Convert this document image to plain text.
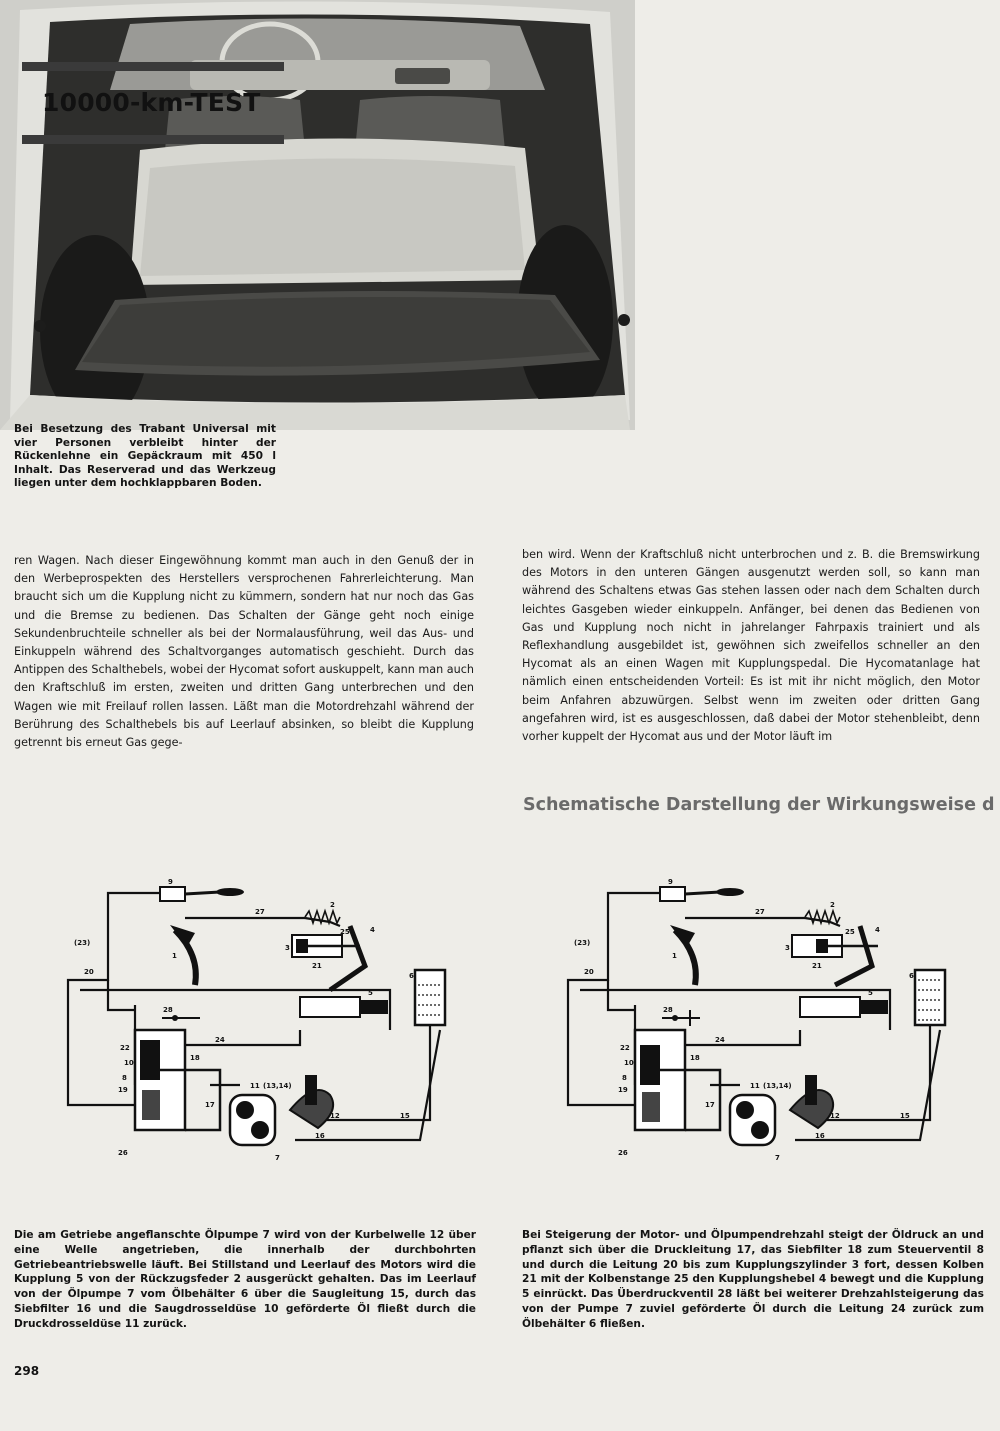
10000-km-TEST
Bei Besetzung des Trabant Universal mit vier Personen verbleibt hinter der Rückenlehne ein Gepäckraum mit 450 l Inhalt. Das Reserverad und das Werkzeug liegen unter dem hochklappbaren Boden.
ren Wagen. Nach dieser Eingewöhnung kommt man auch in den Genuß der in den Werbeprospekten des Herstellers versprochenen Fahrerleichterung. Man braucht sich um die Kupplung nicht zu kümmern, sondern hat nur noch das Gas und die Bremse zu bedienen. Das Schalten der Gänge geht noch einige Sekundenbruchteile schneller als bei der Normalausführung, weil das Aus- und Einkuppeln während des Schaltvorganges automatisch geschieht. Durch das Antippen des Schalthebels, wobei der Hycomat sofort auskuppelt, kann man auch den Kraftschluß im ersten, zweiten und dritten Gang unterbrechen und den Wagen wie mit Freilauf rollen lassen. Läßt man die Motordrehzahl während der Berührung des Schalthebels bis auf Leerlauf absinken, so bleibt die Kupplung getrennt bis erneut Gas gege-
ben wird. Wenn der Kraftschluß nicht unterbrochen und z. B. die Bremswirkung des Motors in den unteren Gängen ausgenutzt werden soll, so kann man während des Schaltens etwas Gas stehen lassen oder nach dem Schalten durch leichtes Gasgeben wieder einkuppeln. Anfänger, bei denen das Bedienen von Gas und Kupplung noch nicht in jahrelanger Fahrpaxis trainiert und als Reflexhandlung ausgebildet ist, gewöhnen sich zweifellos schneller an den Hycomat als an einen Wagen mit Kupplungspedal. Die Hycomatanlage hat nämlich einen entscheidenden Vorteil: Es ist mit ihr nicht möglich, den Motor beim Anfahren abzuwürgen. Selbst wenn im zweiten oder dritten Gang angefahren wird, ist es ausgeschlossen, daß dabei der Motor stehenbleibt, denn vorher kuppelt der Hycomat aus und der Motor läuft im
Schematische Darstellung der Wirkungsweise d
9
27
2
4
(23)
3
25
21
1
6
20
5
28
24
22
8
19
10
18
26
17
11 (13,14)
12	15
16
7
9
27
2
4
(23)
3
25
21
1
6
20
5
28
24
22
8
19
10
18
26
17
11 (13,14)
12	15
16
7
Die am Getriebe angeflanschte Ölpumpe 7 wird von der Kurbelwelle 12 über eine Welle angetrieben, die innerhalb der durchbohrten Getriebeantriebswelle läuft. Bei Stillstand und Leerlauf des Motors wird die Kupplung 5 von der Rückzugsfeder 2 ausgerückt gehalten. Das im Leerlauf von der Ölpumpe 7 vom Ölbehälter 6 über die Saugleitung 15, durch das Siebfilter 16 und die Saugdrosseldüse 10 geförderte Öl fließt durch die Druckdrosseldüse 11 zurück.
Bei Steigerung der Motor- und Ölpumpendrehzahl steigt der Öldruck an und pflanzt sich über die Druckleitung 17, das Siebfilter 18 zum Steuerventil 8 und durch die Leitung 20 bis zum Kupplungszylinder 3 fort, dessen Kolben 21 mit der Kolbenstange 25 den Kupplungshebel 4 bewegt und die Kupplung 5 einrückt. Das Überdruckventil 28 läßt bei weiterer Drehzahlsteigerung das von der Pumpe 7 zuviel geförderte Öl durch die Leitung 24 zurück zum Ölbehälter 6 fließen.
298
